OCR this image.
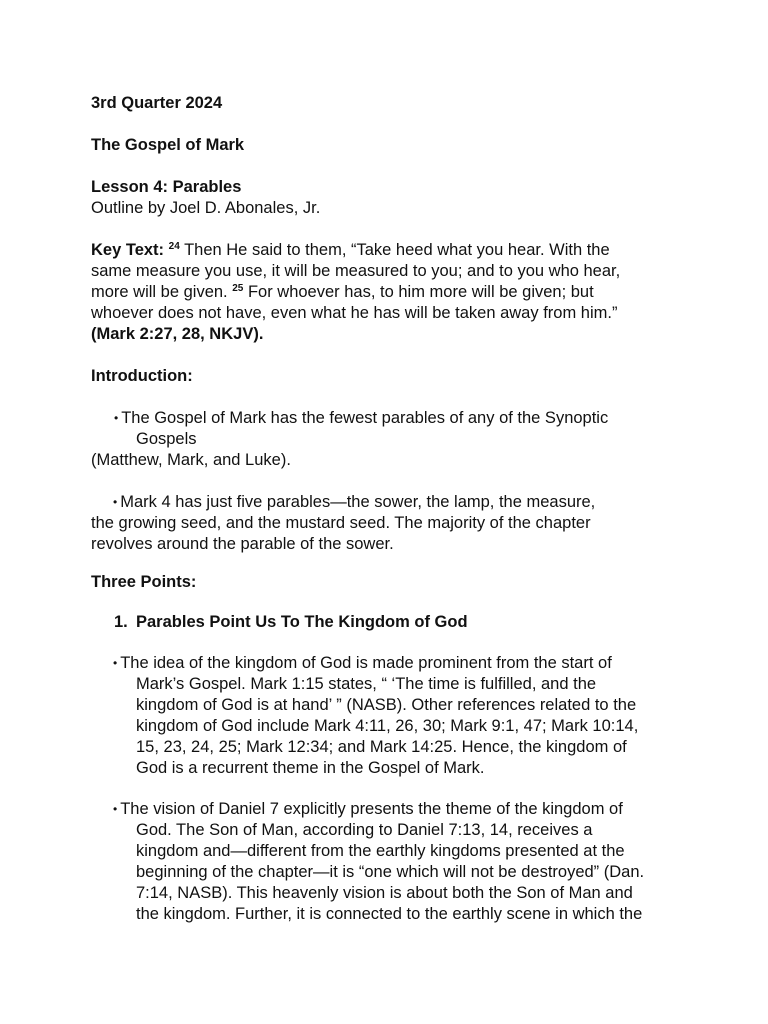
3rd Quarter 2024
The Gospel of Mark
Lesson 4: Parables
Outline by Joel D. Abonales, Jr.
Key Text: $^{24}$ Then He said to them, “Take heed what you hear. With the
same measure you use, it will be measured to you; and to you who hear,
more will be given. $^{25}$ For whoever has, to him more will be given; but
whoever does not have, even what he has will be taken away from him.”
(Mark 2:27, 28, NKJV).
Introduction:
• The Gospel of Mark has the fewest parables of any of the Synoptic
Gospels
(Matthew, Mark, and Luke).
• Mark 4 has just five parables—the sower, the lamp, the measure,
the growing seed, and the mustard seed. The majority of the chapter
revolves around the parable of the sower.
Three Points:
1. Parables Point Us To The Kingdom of God
• The idea of the kingdom of God is made prominent from the start of
Mark’s Gospel. Mark 1:15 states, “ ‘The time is fulfilled, and the
kingdom of God is at hand’ ” (NASB). Other references related to the
kingdom of God include Mark 4:11, 26, 30; Mark 9:1, 47; Mark 10:14,
15, 23, 24, 25; Mark 12:34; and Mark 14:25. Hence, the kingdom of
God is a recurrent theme in the Gospel of Mark.
• The vision of Daniel 7 explicitly presents the theme of the kingdom of
God. The Son of Man, according to Daniel 7:13, 14, receives a
kingdom and—different from the earthly kingdoms presented at the
beginning of the chapter—it is “one which will not be destroyed” (Dan.
7:14, NASB). This heavenly vision is about both the Son of Man and
the kingdom. Further, it is connected to the earthly scene in which the
